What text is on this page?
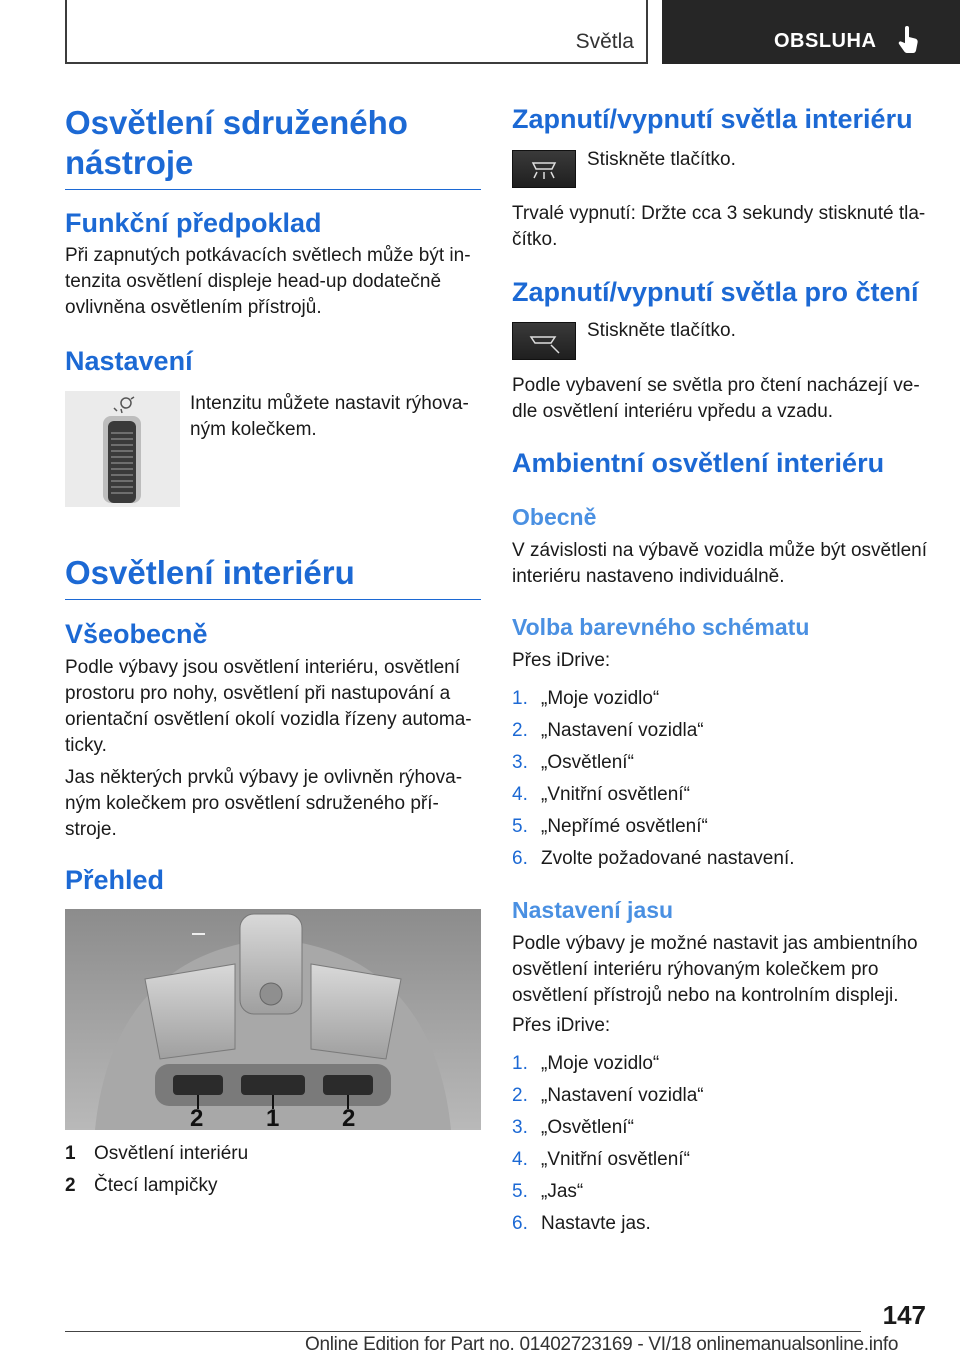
Světla	OBSLUHA
Osvětlení sdruženého nástroje
Funkční předpoklad

Při zapnutých potkávacích světlech může být intenzita osvětlení displeje head-up dodatečně ovlivněna osvětlením přístrojů.

Nastavení

Intenzitu můžete nastavit rýhovaným kolečkem.

Osvětlení interiéru
Všeobecně

Podle výbavy jsou osvětlení interiéru, osvětlení prostoru pro nohy, osvětlení při nastupování a orientační osvětlení okolí vozidla řízeny automaticky.

Jas některých prvků výbavy je ovlivněn rýhovaným kolečkem pro osvětlení sdruženého přístroje.

Přehled
2	1	2
1 Osvětlení interiéru
2 Čtecí lampičky
Zapnutí/vypnutí světla interiéru

Stiskněte tlačítko.

Trvalé vypnutí: Držte cca 3 sekundy stisknuté tlačítko.

Zapnutí/vypnutí světla pro čtení

Stiskněte tlačítko.

Podle vybavení se světla pro čtení nacházejí vedle osvětlení interiéru vpředu a vzadu.

Ambientní osvětlení interiéru
Obecně

V závislosti na výbavě vozidla může být osvětlení interiéru nastaveno individuálně.

Volba barevného schématu

Přes iDrive:

1. „Moje vozidlo“
2. „Nastavení vozidla“
3. „Osvětlení“
4. „Vnitřní osvětlení“
5. „Nepřímé osvětlení“
6. Zvolte požadované nastavení.
Nastavení jasu

Podle výbavy je možné nastavit jas ambientního osvětlení interiéru rýhovaným kolečkem pro osvětlení přístrojů nebo na kontrolním displeji.

Přes iDrive:

1. „Moje vozidlo“
2. „Nastavení vozidla“
3. „Osvětlení“
4. „Vnitřní osvětlení“
5. „Jas“
6. Nastavte jas.
147
Online Edition for Part no. 01402723169 - VI/18 onlinemanualsonline.info
